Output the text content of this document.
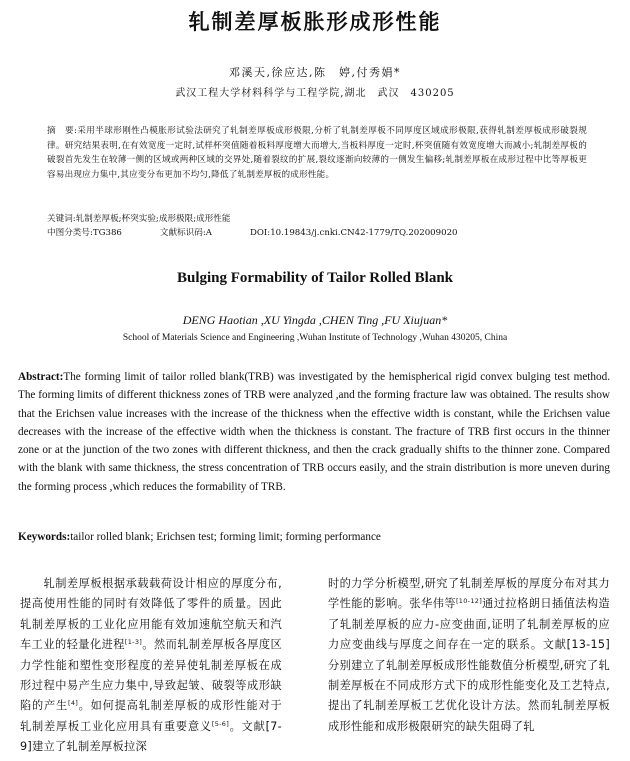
轧制差厚板胀形成形性能
邓溪天,徐应达,陈　婷,付秀娟*
武汉工程大学材料科学与工程学院,湖北　武汉　430205
摘　要:采用半球形刚性凸模胀形试验法研究了轧制差厚板成形极限,分析了轧制差厚板不同厚度区域成形极限,获得轧制差厚板成形破裂规律。研究结果表明,在有效宽度一定时,试样杯突值随着板料厚度增大而增大,当板料厚度一定时,杯突值随有效宽度增大而减小;轧制差厚板的破裂首先发生在较薄一侧的区域或两种区域的交界处,随着裂纹的扩展,裂纹逐渐向较薄的一侧发生偏移;轧制差厚板在成形过程中比等厚板更容易出现应力集中,其应变分布更加不均匀,降低了轧制差厚板的成形性能。
关键词:轧制差厚板;杯突实验;成形极限;成形性能
中图分类号:TG386	文献标识码:A	DOI:10.19843/j.cnki.CN42-1779/TQ.202009020
Bulging Formability of Tailor Rolled Blank
DENG Haotian ,XU Yingda ,CHEN Ting ,FU Xiujuan*
School of Materials Science and Engineering ,Wuhan Institute of Technology ,Wuhan 430205, China
Abstract:The forming limit of tailor rolled blank(TRB) was investigated by the hemispherical rigid convex bulging test method. The forming limits of different thickness zones of TRB were analyzed ,and the forming fracture law was obtained. The results show that the Erichsen value increases with the increase of the thickness when the effective width is constant, while the Erichsen value decreases with the increase of the effective width when the thickness is constant. The fracture of TRB first occurs in the thinner zone or at the junction of the two zones with different thickness, and then the crack gradually shifts to the thinner zone. Compared with the blank with same thickness, the stress concentration of TRB occurs easily, and the strain distribution is more uneven during the forming process ,which reduces the formability of TRB.
Keywords:tailor rolled blank; Erichsen test; forming limit; forming performance

　　轧制差厚板根据承载载荷设计相应的厚度分布,提高使用性能的同时有效降低了零件的质量。因此轧制差厚板的工业化应用能有效加速航空航天和汽车工业的轻量化进程[1-3]。然而轧制差厚板各厚度区力学性能和塑性变形程度的差异使轧制差厚板在成形过程中易产生应力集中,导致起皱、破裂等成形缺陷的产生[4]。如何提高轧制差厚板的成形性能对于轧制差厚板工业化应用具有重要意义[5-6]。文献[7-9]建立了轧制差厚板拉深

时的力学分析模型,研究了轧制差厚板的厚度分布对其力学性能的影响。张华伟等[10-12]通过拉格朗日插值法构造了轧制差厚板的应力-应变曲面,证明了轧制差厚板的应力应变曲线与厚度之间存在一定的联系。文献[13-15]分别建立了轧制差厚板成形性能数值分析模型,研究了轧制差厚板在不同成形方式下的成形性能变化及工艺特点,提出了轧制差厚板工艺优化设计方法。然而轧制差厚板成形性能和成形极限研究的缺失阻碍了轧
